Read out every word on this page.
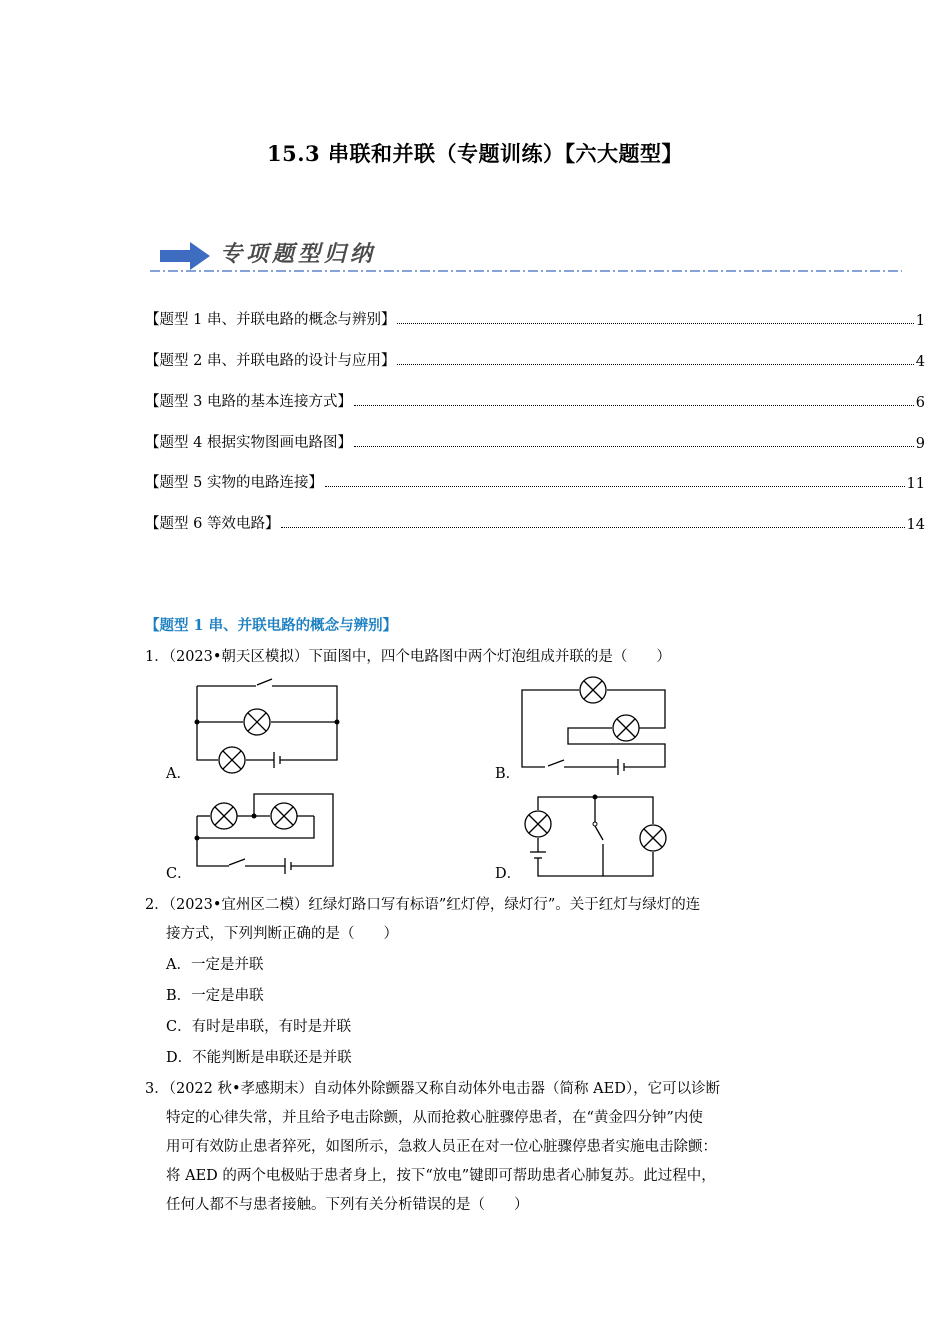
15.3 串联和并联（专题训练）【六大题型】
专项题型归纳
【题型 1 串、并联电路的概念与辨别】	1
【题型 2 串、并联电路的设计与应用】	4
【题型 3 电路的基本连接方式】	6
【题型 4 根据实物图画电路图】	9
【题型 5 实物的电路连接】	11
【题型 6 等效电路】	14
【题型 1 串、并联电路的概念与辨别】
1．（2023•朝天区模拟）下面图中，四个电路图中两个灯泡组成并联的是（　　）
A．	B．
C．	D．
2．（2023•宜州区二模）红绿灯路口写有标语”红灯停，绿灯行”。关于红灯与绿灯的连
接方式，下列判断正确的是（　　）
A．一定是并联
B．一定是串联
C．有时是串联，有时是并联
D．不能判断是串联还是并联
3．（2022 秋•孝感期末）自动体外除颤器又称自动体外电击器（简称 AED），它可以诊断
特定的心律失常，并且给予电击除颤，从而抢救心脏骤停患者，在“黄金四分钟”内使
用可有效防止患者猝死，如图所示，急救人员正在对一位心脏骤停患者实施电击除颤：
将 AED 的两个电极贴于患者身上，按下“放电”键即可帮助患者心肺复苏。此过程中，
任何人都不与患者接触。下列有关分析错误的是（　　）
